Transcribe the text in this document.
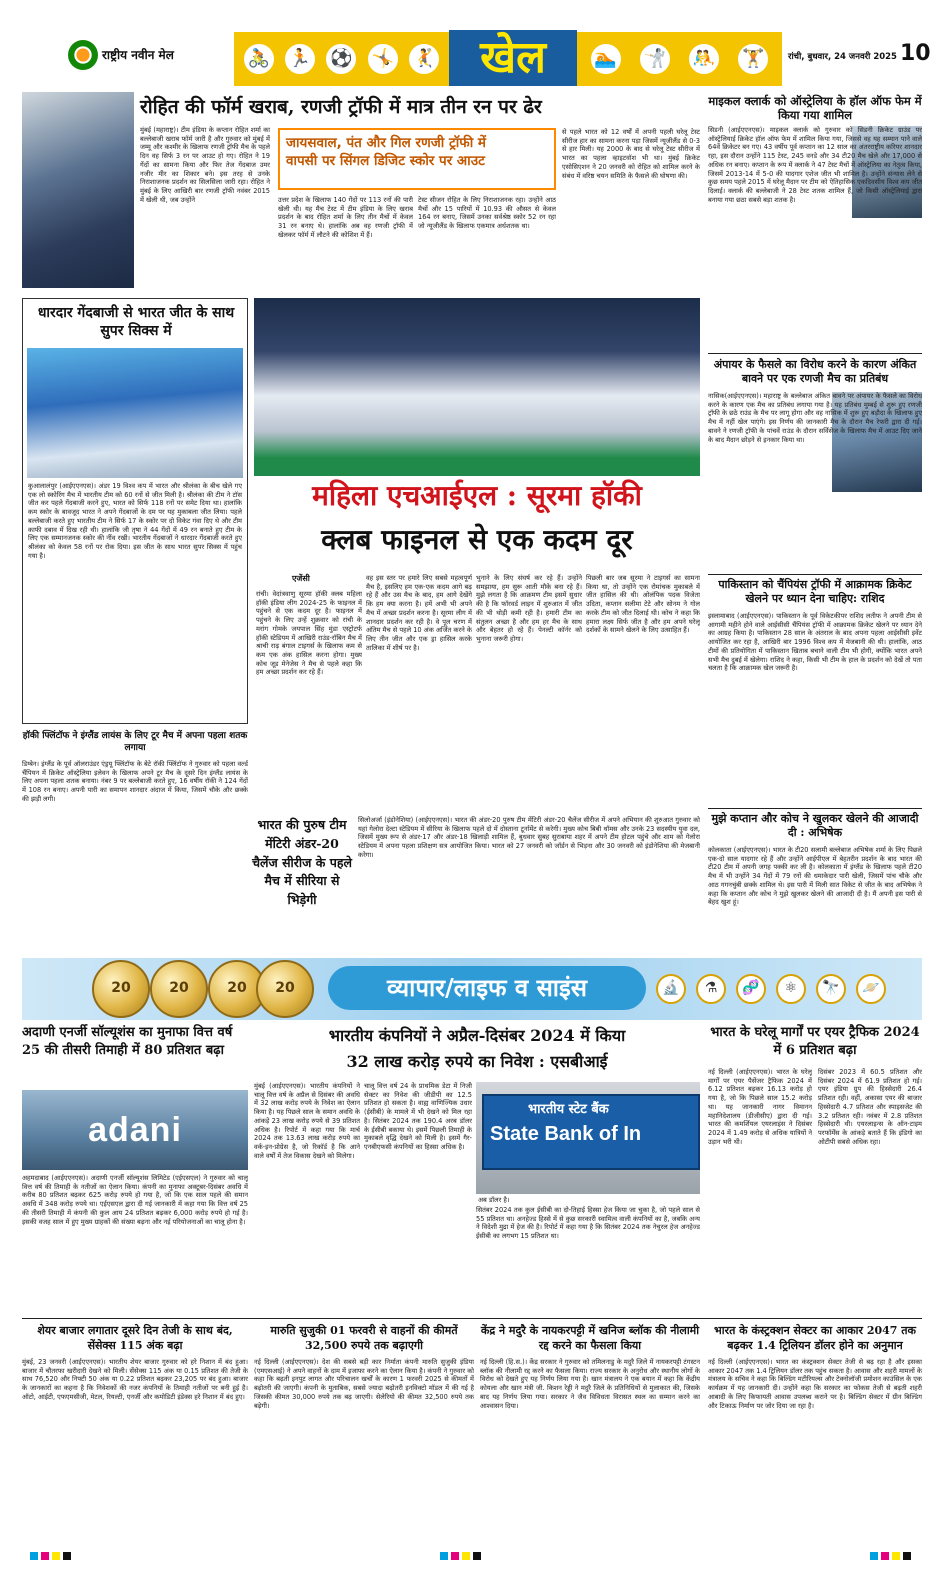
राष्ट्रीय नवीन मेल	🚴	🏃	⚽	🤸	🤾	खेल	🏊	🤺	🤼	🏋	रांची, बुधवार, 24 जनवरी 2025 10
रोहित की फॉर्म खराब, रणजी ट्रॉफी में मात्र तीन रन पर ढेर
मुंबई (महाराष्ट्र)। टीम इंडिया के कप्तान रोहित शर्मा का बल्लेबाजी खराब फॉर्म जारी है और गुरुवार को मुंबई में जम्मू और कश्मीर के खिलाफ रणजी ट्रॉफी मैच के पहले दिन वह सिर्फ 3 रन पर आउट हो गए। रोहित ने 19 गेंदों का सामना किया और फिर तेज गेंदबाज उमर नजीर मीर का शिकार बने। इस तरह से उनके निराशाजनक प्रदर्शन का सिलसिला जारी रहा। रोहित ने मुंबई के लिए आखिरी बार रणजी ट्रॉफी नवंबर 2015 में खेली थी, जब उन्होंने
जायसवाल, पंत और गिल रणजी ट्रॉफी में
वापसी पर सिंगल डिजिट स्कोर पर आउट
उत्तर प्रदेश के खिलाफ 140 गेंदों पर 113 रनों की पारी खेली थी। यह मैच टेस्ट में टीम इंडिया के लिए खराब प्रदर्शन के बाद रोहित शर्मा के लिए तीन मैचों में केवल 31 रन बनाए थे। हालांकि अब वह रणजी ट्रॉफी में खेलकर फॉर्म में लौटने की कोशिश में हैं।
टेस्ट सीजन रोहित के लिए निराशाजनक रहा। उन्होंने आठ मैचों और 15 पारियों में 10.93 की औसत से केवल 164 रन बनाए, जिसमें उनका सर्वश्रेष्ठ स्कोर 52 रन रहा जो न्यूजीलैंड के खिलाफ एकमात्र अर्धशतक था।
से पहले भारत को 12 वर्षों में अपनी पहली घरेलू टेस्ट सीरीज हार का सामना करना पड़ा जिसमें न्यूजीलैंड से 0-3 से हार मिली। यह 2000 के बाद से घरेलू टेस्ट सीरीज में भारत का पहला व्हाइटवॉश भी था। मुंबई क्रिकेट एसोसिएशन ने 20 जनवरी को रोहित को शामिल करने के संबंध में वरिष्ठ चयन समिति के फैसले की घोषणा की।
माइकल क्लार्क को ऑस्ट्रेलिया के हॉल ऑफ फेम में किया गया शामिल
सिडनी (आईएएनएस)। माइकल क्लार्क को गुरुवार को सिडनी क्रिकेट ग्राउंड पर ऑस्ट्रेलियाई क्रिकेट हॉल ऑफ फेम में शामिल किया गया, जिससे वह यह सम्मान पाने वाले 64वें क्रिकेटर बन गए। 43 वर्षीय पूर्व कप्तान का 12 साल का अंतरराष्ट्रीय करियर शानदार रहा, इस दौरान उन्होंने 115 टेस्ट, 245 वनडे और 34 टी20 मैच खेले और 17,000 से अधिक रन बनाए। कप्तान के रूप में क्लार्क ने 47 टेस्ट मैचों में ऑस्ट्रेलिया का नेतृत्व किया, जिसमें 2013-14 में 5-0 की यादगार एशेज जीत भी शामिल है। उन्होंने संन्यास लेने से कुछ समय पहले 2015 में घरेलू मैदान पर टीम को ऐतिहासिक एकदिवसीय विश्व कप जीत दिलाई। क्लार्क की बल्लेबाजी ने 28 टेस्ट शतक शामिल हैं, जो किसी ऑस्ट्रेलियाई द्वारा बनाया गया छठा सबसे बड़ा शतक है।
धारदार गेंदबाजी से भारत जीत के साथ सुपर सिक्स में
कुआलालंपुर (आईएएनएस)। अंडर 19 विश्व कप में भारत और श्रीलंका के बीच खेले गए एक लो स्कोरिंग मैच में भारतीय टीम को 60 रनों से जीत मिली है। श्रीलंका की टीम ने टॉस जीत कर पहले गेंदबाजी करने हुए, भारत को सिर्फ 118 रनों पर समेट दिया था। हालांकि कम स्कोर के बावजूद भारत ने अपने गेंदबाजों के दम पर यह मुकाबला जीत लिया। पहले बल्लेबाजी करते हुए भारतीय टीम ने सिर्फ 17 के स्कोर पर दो विकेट गंवा दिए थे और टीम काफी दबाव में दिख रही थी। हालांकि जी तृषा ने 44 गेंदों में 49 रन बनाते हुए टीम के लिए एक सम्मानजनक स्कोर की नींव रखी। भारतीय गेंदबाजों ने धारदार गेंदबाजी करते हुए श्रीलंका को केवल 58 रनों पर रोक दिया। इस जीत के साथ भारत सुपर सिक्स में पहुंच गया है।
हॉकी फ्लिंटॉफ ने इंग्लैंड लायंस के लिए टूर मैच में अपना पहला शतक लगाया
डिग्बेन। इंग्लैंड के पूर्व ऑलराउंडर एंड्रयू फ्लिंटॉफ के बेटे रॉकी फ्लिंटॉफ ने गुरुवार को पहला वर्ल्ड चैंपियन में क्रिकेट ऑस्ट्रेलिया इलेवन के खिलाफ अपने टूर मैच के दूसरे दिन इंग्लैंड लायंस के लिए अपना पहला शतक बनाया। नंबर 9 पर बल्लेबाजी करते हुए, 16 वर्षीय रॉकी ने 124 गेंदों में 108 रन बनाए। अपनी पारी का समापन शानदार अंदाज में किया, जिसमें चौके और छक्के की झड़ी लगी।
महिला एचआईएल : सूरमा हॉकी
क्लब फाइनल से एक कदम दूर
एजेंसी
रांची। वेदांत्रवाणु सूरमा हॉकी क्लब महिला हॉकी इंडिया लीग 2024-25 के फाइनल में पहुंचने से एक कदम दूर है। फाइनल में पहुंचने के लिए उन्हें शुक्रवार को रांची के मरांग गोमके जयपाल सिंह मुंडा एस्ट्रोटर्फ हॉकी स्टेडियम में आखिरी राउंड-रॉबिन मैच में श्राची राढ़ बंगाल टाइगर्स के खिलाफ कम से कम एक अंक हासिल करना होगा। मुख्य कोच जूड मेनेजेस ने मैच से पहले कहा कि हम अच्छा प्रदर्शन कर रहे हैं।
वह इस स्तर पर हमारे लिए सबसे महत्वपूर्ण मैच है, इसलिए हम एक-एक कदम आगे बढ़ रहे हैं और उस मैच के बाद, हम आगे देखेंगे कि हम क्या करना है। हमें अभी भी अपने मैच में अच्छा प्रदर्शन करना है। सूरमा लीग में शानदार प्रदर्शन कर रही है। वे पूल चरण में अंतिम मैच से पहले 10 अंक अर्जित करने के लिए तीन जीत और एक ड्रा हासिल करके तालिका में शीर्ष पर है।
भुनाने के लिए संघर्ष कर रहे हैं। उन्होंने समझाया, हम सुरू आती मौके बना रहे हैं। मुझे लगता है कि आक्रमण टीम इसमें सुधार की है कि फॉरवर्ड लाइन में शुरुआत में जीत की भी थोड़ी कमी रही है। हमारी टीम का संतुलन अच्छा है और हम हर मैच के साथ और बेहतर हो रहे हैं। पेनल्टी कॉर्नर को भुनाना जरूरी होगा।
पिछली बार जब सूरमा ने टाइगर्स का सामना किया था, तो उन्होंने एक रोमांचक मुकाबले में जीत हासिल की थी। ओलंपिक पदक विजेता उदिता, कप्तान सलीमा टेटे और सोनम ने गोल करके टीम को जीत दिलाई थी। कोच ने कहा कि हमारा लक्ष्य सिर्फ जीत है और हम अपने घरेलू दर्शकों के सामने खेलने के लिए उत्साहित हैं।
भारत की पुरुष टीम मेंटिरी अंडर-20 चैलेंज सीरीज के पहले मैच में सीरिया से भिड़ेगी
सिलोअर्जा (इंडोनेशिया) (आईएएनएस)। भारत की अंडर-20 पुरुष टीम मेंटिरी अंडर-20 चैलेंज सीरीज में अपने अभियान की शुरुआत गुरुवार को यहां गेलोरा देल्टा स्टेडियम में सीरिया के खिलाफ पहले दो में दोस्ताना टूर्नामेंट से करेगी। मुख्य कोच बिबी थॉमस और उनके 23 सदस्यीय युवा दल, जिसमें मुख्य रूप से अंडर-17 और अंडर-18 खिलाड़ी शामिल हैं, बुधवार सुबह सुराबाया शहर में अपने टीम होटल पहुंचे और शाम को गेलोरा स्टेडियम में अपना पहला प्रशिक्षण सत्र आयोजित किया। भारत को 27 जनवरी को जॉर्डन से भिड़ना और 30 जनवरी को इंडोनेशिया की मेजबानी करेगा।
अंपायर के फैसले का विरोध करने के कारण अंकित बावने पर एक रणजी मैच का प्रतिबंध
नासिक(आईएएनएस)। महाराष्ट्र के बल्लेबाज अंकित बावने पर अंपायर के फैसले का विरोध करने के कारण एक मैच का प्रतिबंध लगाया गया है। यह प्रतिबंध मुम्बई से शुरू हुए रणजी ट्रॉफी के छठे राउंड के मैच पर लागू होगा और वह नासिक में शुरू हुए बड़ौदा के खिलाफ हुए मैच में नहीं खेल पाएंगे। इस निर्णय की जानकारी मैच के दौरान मैच रेफरी द्वारा दी गई। बावने ने रणजी ट्रॉफी के पांचवें राउंड के दौरान सर्विसेज के खिलाफ मैच में आउट दिए जाने के बाद मैदान छोड़ने से इनकार किया था।
पाकिस्तान को चैंपियंस ट्रॉफी में आक्रामक क्रिकेट खेलने पर ध्यान देना चाहिए: राशिद
इस्लामाबाद (आईएएनएस)। पाकिस्तान के पूर्व विकेटकीपर राशिद लतीफ ने अपनी टीम से आगामी महीने होने वाले आईसीसी चैंपियंस ट्रॉफी में आक्रामक क्रिकेट खेलने पर ध्यान देने का आग्रह किया है। पाकिस्तान 28 साल के अंतराल के बाद अपना पहला आईसीसी इवेंट आयोजित कर रहा है, आखिरी बार 1996 विश्व कप में मेजबानी की थी। हालांकि, आठ टीमों की प्रतियोगिता में पाकिस्तान खिताब बचाने वाली टीम भी होगी, क्योंकि भारत अपने सभी मैच दुबई में खेलेगा। राशिद ने कहा, किसी भी टीम के हाल के प्रदर्शन को देखें तो पता चलता है कि आक्रामक खेल जरूरी है।
मुझे कप्तान और कोच ने खुलकर खेलने की आजादी दी : अभिषेक
कोलकाता (आईएएनएस)। भारत के टी20 सलामी बल्लेबाज अभिषेक शर्मा के लिए पिछले एक-दो साल यादगार रहे हैं और उन्होंने आईपीएल में बेहतरीन प्रदर्शन के बाद भारत की टी20 टीम में अपनी जगह पक्की कर ली है। कोलकाता में इंग्लैंड के खिलाफ पहले टी20 मैच में भी उन्होंने 34 गेंदों में 79 रनों की धमाकेदार पारी खेली, जिसमें पांच चौके और आठ गगनचुंबी छक्के शामिल थे। इस पारी में मिली सात विकेट से जीत के बाद अभिषेक ने कहा कि कप्तान और कोच ने मुझे खुलकर खेलने की आजादी दी है। मैं अपनी इस पारी से बेहद खुश हूं।
20	20	20 20	व्यापार/लाइफ व साइंस	🔬	⚗	🧬	⚛	🔭	🪐
अदाणी एनर्जी सॉल्यूशंस का मुनाफा वित्त वर्ष 25 की तीसरी तिमाही में 80 प्रतिशत बढ़ा
adani
अहमदाबाद (आईएएनएस)। अदाणी एनर्जी सॉल्यूशंस लिमिटेड (एईएसएल) ने गुरुवार को चालू वित्त वर्ष की तिमाही के नतीजों का ऐलान किया। कंपनी का मुनाफा अक्टूबर-दिसंबर अवधि में करीब 80 प्रतिशत बढ़कर 625 करोड़ रुपये हो गया है, जो कि एक साल पहले की समान अवधि में 348 करोड़ रुपये था। एईएसएल द्वारा दी गई जानकारी में कहा गया कि वित्त वर्ष 25 की तीसरी तिमाही में कंपनी की कुल आय 24 प्रतिशत बढ़कर 6,000 करोड़ रुपये हो गई है। इसकी वजह साल में हुए मुख्य ग्राहकों की संख्या बढ़ना और नई परियोजनाओं का चालू होना है।
भारतीय कंपनियों ने अप्रैल-दिसंबर 2024 में किया
32 लाख करोड़ रुपये का निवेश : एसबीआई
मुंबई (आईएएनएस)। भारतीय कंपनियों ने चालू वित्त वर्ष के अप्रैल से दिसंबर की अवधि में 32 लाख करोड़ रुपये के निवेश का ऐलान किया है। यह पिछले साल के समान अवधि के आंकड़े 23 लाख करोड़ रुपये से 39 प्रतिशत अधिक है। रिपोर्ट में कहा गया कि मार्च 2024 तक 13.63 लाख करोड़ रुपये का वर्क-इन-प्रोग्रेस है, जो रिकॉर्ड है कि आने वाले वर्षों में तेज विकास देखने को मिलेगा।
चालू वित्त वर्ष 24 के प्राथमिक डेटा में निजी सेक्टर का निवेश की जीडीपी का 12.5 प्रतिशत हो सकता है। वाह्य वाणिज्यिक उधार (ईसीबी) के मामले में भी देखने को मिल रहा है। सितंबर 2024 तक 190.4 अरब डॉलर के ईसीबी बकाया थे। इसमें पिछली तिमाही के मुकाबले वृद्धि देखने को मिली है। इसमें गैर-एनबीएफसी कंपनियों का हिस्सा अधिक है।
भारतीय स्टेट बैंक
State Bank of In
अब डॉलर है।
सितंबर 2024 तक कुल ईसीबी का दो-तिहाई हिस्सा हेज किया जा चुका है, जो पहले साल से 55 प्रतिशत था। अनहेज्ड हिस्से में से कुछ सरकारी स्वामित्व वाली कंपनियों का है, जबकि अन्य ने विदेशी मुद्रा में हेज की है। रिपोर्ट में कहा गया है कि सितंबर 2024 तक नेचुरल हेज अनहेज्ड ईसीबी का लगभग 15 प्रतिशत था।
भारत के घरेलू मार्गों पर एयर ट्रैफिक 2024 में 6 प्रतिशत बढ़ा
नई दिल्ली (आईएएनएस)। भारत के घरेलू मार्गों पर एयर पैसेंजर ट्रैफिक 2024 में 6.12 प्रतिशत बढ़कर 16.13 करोड़ हो गया है, जो कि पिछले साल 15.2 करोड़ था। यह जानकारी नागर विमानन महानिदेशालय (डीजीसीए) द्वारा दी गई। भारत की कमर्शियल एयरलाइंस ने दिसंबर 2024 में 1.49 करोड़ से अधिक यात्रियों ने उड़ान भरी थी।
दिसंबर 2023 में 60.5 प्रतिशत और दिसंबर 2024 में 61.9 प्रतिशत हो गई। एयर इंडिया ग्रुप की हिस्सेदारी 26.4 प्रतिशत रही। वहीं, अकासा एयर की बाजार हिस्सेदारी 4.7 प्रतिशत और स्पाइसजेट की 3.2 प्रतिशत रही। नवंबर में 2.8 प्रतिशत हिस्सेदारी थी। एयरलाइन्स के ऑन-टाइम परफॉर्मेंस के आंकड़े बताते हैं कि इंडिगो का ओटीपी सबसे अधिक रहा।
शेयर बाजार लगातार दूसरे दिन तेजी के साथ बंद, सेंसेक्स 115 अंक बढ़ा
मुंबई, 23 जनवरी (आईएएनएस)। भारतीय शेयर बाजार गुरुवार को हरे निशान में बंद हुआ। बाजार में चौतरफा खरीदारी देखने को मिली। सेंसेक्स 115 अंक या 0.15 प्रतिशत की तेजी के साथ 76,520 और निफ्टी 50 अंक या 0.22 प्रतिशत बढ़कर 23,205 पर बंद हुआ। बाजार के जानकारों का कहना है कि निवेशकों की नजर कंपनियों के तिमाही नतीजों पर बनी हुई है। ऑटो, आईटी, एफएमसीजी, मेटल, रियल्टी, एनर्जी और कमोडिटी इंडेक्स हरे निशान में बंद हुए।
मारुति सुजुकी 01 फरवरी से वाहनों की कीमतें 32,500 रुपये तक बढ़ाएगी
नई दिल्ली (आईएएनएस)। देश की सबसे बड़ी कार निर्माता कंपनी मारुति सुजुकी इंडिया (एमएसआई) ने अपने वाहनों के दाम में इजाफा करने का ऐलान किया है। कंपनी ने गुरुवार को कहा कि बढ़ती इनपुट लागत और परिचालन खर्चों के कारण 1 फरवरी 2025 से कीमतों में बढ़ोतरी की जाएगी। कंपनी के मुताबिक, सबसे ज्यादा बढ़ोतरी इनविक्टो मॉडल में की गई है जिसकी कीमत 30,000 रुपये तक बढ़ जाएगी। सेलेरियो की कीमत 32,500 रुपये तक बढ़ेगी।
केंद्र ने मदुरै के नायकरपट्टी में खनिज ब्लॉक की नीलामी रद्द करने का फैसला किया
नई दिल्ली (हि.स.)। केंद्र सरकार ने गुरुवार को तमिलनाडु के मदुरै जिले में नायकरपट्टी टंगस्टन ब्लॉक की नीलामी रद्द करने का फैसला किया। राज्य सरकार के अनुरोध और स्थानीय लोगों के विरोध को देखते हुए यह निर्णय लिया गया है। खान मंत्रालय ने एक बयान में कहा कि केंद्रीय कोयला और खान मंत्री जी. किशन रेड्डी ने मदुरै जिले के प्रतिनिधियों से मुलाकात की, जिसके बाद यह निर्णय लिया गया। सरकार ने जैव विविधता विरासत स्थल का सम्मान करने का आश्वासन दिया।
भारत के कंस्ट्रक्शन सेक्टर का आकार 2047 तक बढ़कर 1.4 ट्रिलियन डॉलर होने का अनुमान
नई दिल्ली (आईएएनएस)। भारत का कंस्ट्रक्शन सेक्टर तेजी से बढ़ रहा है और इसका आकार 2047 तक 1.4 ट्रिलियन डॉलर तक पहुंच सकता है। आवास और शहरी मामलों के मंत्रालय के सचिव ने कहा कि बिल्डिंग मटीरियल्स और टेक्नोलॉजी प्रमोशन काउंसिल के एक कार्यक्रम में यह जानकारी दी। उन्होंने कहा कि सरकार का फोकस तेजी से बढ़ती शहरी आबादी के लिए किफायती आवास उपलब्ध कराने पर है। बिल्डिंग सेक्टर में ग्रीन बिल्डिंग और टिकाऊ निर्माण पर जोर दिया जा रहा है।
